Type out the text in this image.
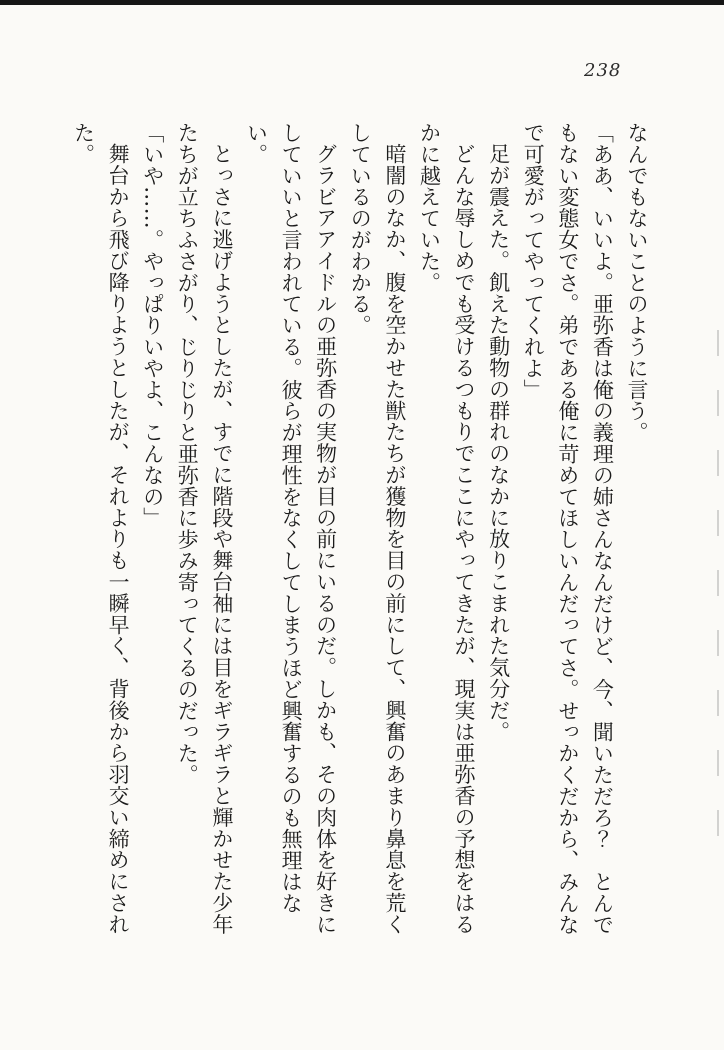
238

なんでもないことのように言う。

「ああ、いいよ。亜弥香は俺の義理の姉さんなんだけど、今、聞いただろ？　とんでもない変態女でさ。弟である俺に苛めてほしいんだってさ。せっかくだから、みんなで可愛がってやってくれよ」

足が震えた。飢えた動物の群れのなかに放りこまれた気分だ。

どんな辱しめでも受けるつもりでここにやってきたが、現実は亜弥香の予想をはるかに越えていた。

暗闇のなか、腹を空かせた獣たちが獲物を目の前にして、興奮のあまり鼻息を荒くしているのがわかる。

グラビアアイドルの亜弥香の実物が目の前にいるのだ。しかも、その肉体を好きにしていいと言われている。彼らが理性をなくしてしまうほど興奮するのも無理はない。

とっさに逃げようとしたが、すでに階段や舞台袖には目をギラギラと輝かせた少年たちが立ちふさがり、じりじりと亜弥香に歩み寄ってくるのだった。

「いや……。やっぱりいやよ、こんなの」

舞台から飛び降りようとしたが、それよりも一瞬早く、背後から羽交い締めにされた。
